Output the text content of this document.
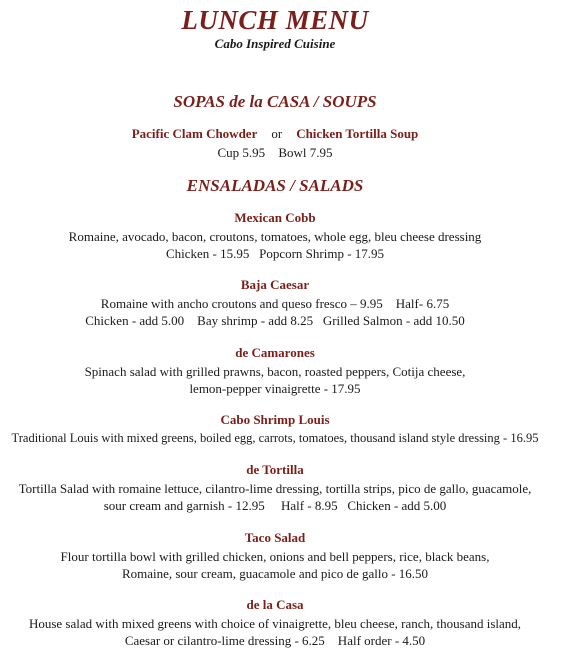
LUNCH MENU
Cabo Inspired Cuisine
SOPAS de la CASA / SOUPS
Pacific Clam Chowder or Chicken Tortilla Soup
Cup 5.95 Bowl 7.95
ENSALADAS / SALADS
Mexican Cobb
Romaine, avocado, bacon, croutons, tomatoes, whole egg, bleu cheese dressing
Chicken - 15.95   Popcorn Shrimp - 17.95
Baja Caesar
Romaine with ancho croutons and queso fresco – 9.95    Half- 6.75
Chicken - add 5.00    Bay shrimp - add 8.25   Grilled Salmon - add 10.50
de Camarones
Spinach salad with grilled prawns, bacon, roasted peppers, Cotija cheese,
lemon-pepper vinaigrette - 17.95
Cabo Shrimp Louis
Traditional Louis with mixed greens, boiled egg, carrots, tomatoes, thousand island style dressing - 16.95
de Tortilla
Tortilla Salad with romaine lettuce, cilantro-lime dressing, tortilla strips, pico de gallo, guacamole,
sour cream and garnish - 12.95     Half - 8.95   Chicken - add 5.00
Taco Salad
Flour tortilla bowl with grilled chicken, onions and bell peppers, rice, black beans,
Romaine, sour cream, guacamole and pico de gallo - 16.50
de la Casa
House salad with mixed greens with choice of vinaigrette, bleu cheese, ranch, thousand island,
Caesar or cilantro-lime dressing - 6.25    Half order - 4.50
